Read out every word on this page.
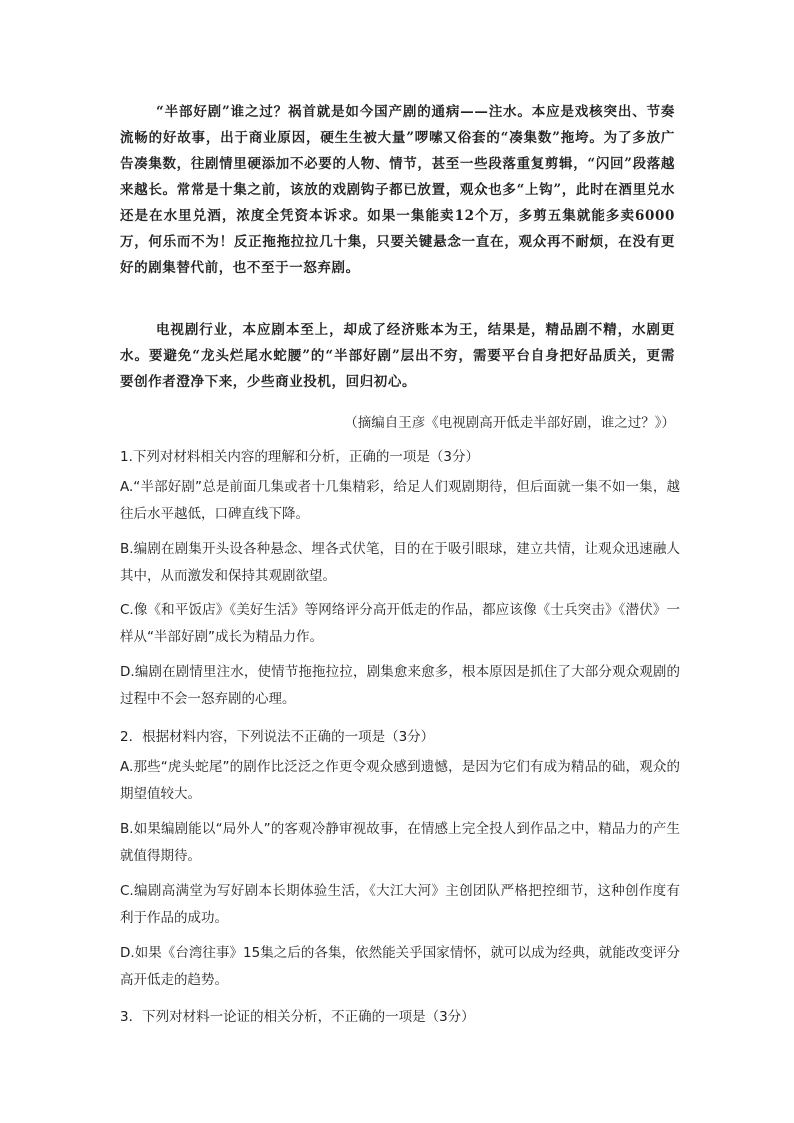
“半部好剧”谁之过？祸首就是如今国产剧的通病——注水。本应是戏核突出、节奏流畅的好故事，出于商业原因，硬生生被大量”啰嗦又俗套的“凑集数”拖垮。为了多放广告凑集数，往剧情里硬添加不必要的人物、情节，甚至一些段落重复剪辑，“闪回”段落越来越长。常常是十集之前，该放的戏剧钩子都已放置，观众也多“上钩”，此时在酒里兑水还是在水里兑酒，浓度全凭资本诉求。如果一集能卖12个万，多剪五集就能多卖6000万，何乐而不为！反正拖拖拉拉几十集，只要关键悬念一直在，观众再不耐烦，在没有更好的剧集替代前，也不至于一怒弃剧。
电视剧行业，本应剧本至上，却成了经济账本为王，结果是，精品剧不精，水剧更水。要避免“龙头烂尾水蛇腰”的“半部好剧”层出不穷，需要平台自身把好品质关，更需要创作者澄净下来，少些商业投机，回归初心。
（摘编自王彦《电视剧高开低走半部好剧，谁之过？》）
1.下列对材料相关内容的理解和分析，正确的一项是（3分）
A.“半部好剧”总是前面几集或者十几集精彩，给足人们观剧期待，但后面就一集不如一集，越往后水平越低，口碑直线下降。
B.编剧在剧集开头设各种悬念、埋各式伏笔，目的在于吸引眼球，建立共情，让观众迅速融人其中，从而激发和保持其观剧欲望。
C.像《和平饭店》《美好生活》等网络评分高开低走的作品，都应该像《士兵突击》《潜伏》一样从“半部好剧”成长为精品力作。
D.编剧在剧情里注水，使情节拖拖拉拉，剧集愈来愈多，根本原因是抓住了大部分观众观剧的过程中不会一怒弃剧的心理。
2．根据材料内容，下列说法不正确的一项是（3分）
A.那些“虎头蛇尾”的剧作比泛泛之作更令观众感到遗憾，是因为它们有成为精品的础，观众的期望值较大。
B.如果编剧能以“局外人”的客观冷静审视故事，在情感上完全投人到作品之中，精品力的产生就值得期待。
C.编剧高满堂为写好剧本长期体验生活，《大江大河》主创团队严格把控细节，这种创作度有利于作品的成功。
D.如果《台湾往事》15集之后的各集，依然能关乎国家情怀，就可以成为经典，就能改变评分高开低走的趋势。
3．下列对材料一论证的相关分析，不正确的一项是（3分）
